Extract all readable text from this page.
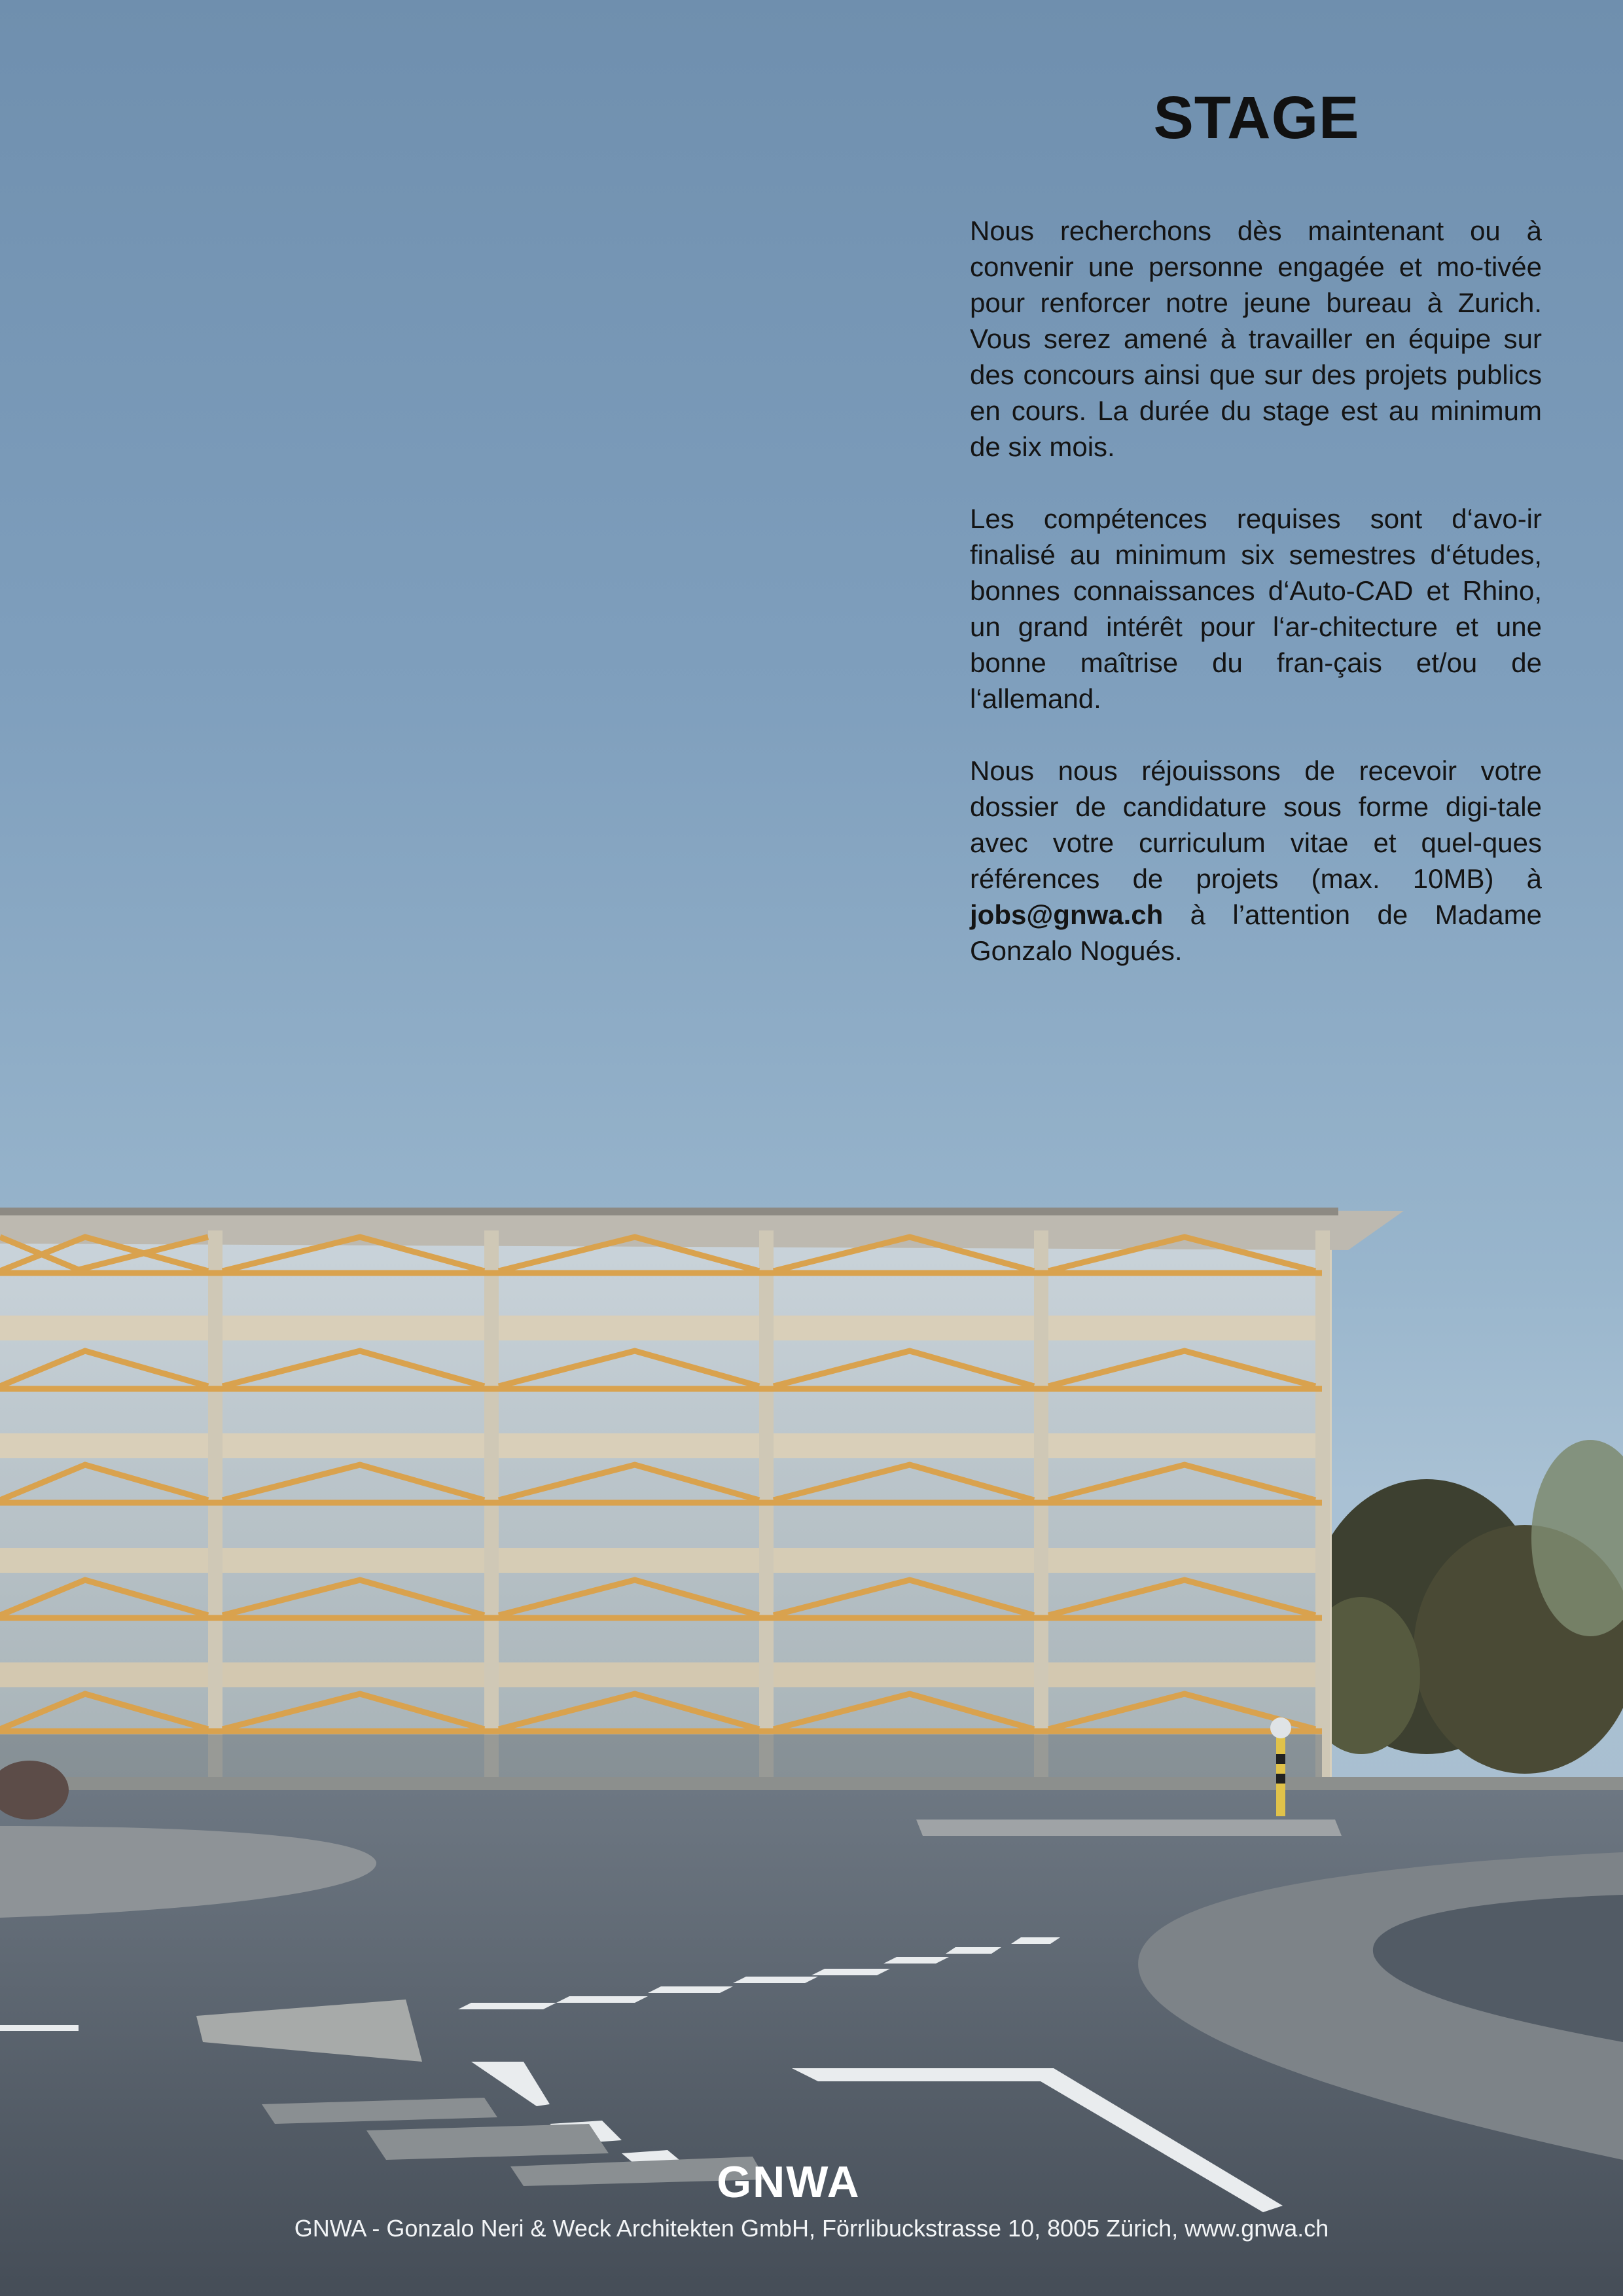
STAGE

Nous recherchons dès maintenant ou à convenir une personne engagée et mo-tivée pour renforcer notre jeune bureau à Zurich. Vous serez amené à travailler en équipe sur des concours ainsi que sur des projets publics en cours. La durée du stage est au minimum de six mois.

Les compétences requises sont d‘avo-ir finalisé au minimum six semestres d‘études, bonnes connaissances d‘Auto-CAD et Rhino, un grand intérêt pour l‘ar-chitecture et une bonne maîtrise du fran-çais et/ou de l‘allemand.

Nous nous réjouissons de recevoir votre dossier de candidature sous forme digi-tale avec votre curriculum vitae et quel-ques références de projets (max. 10MB) à jobs@gnwa.ch à l’attention de Madame Gonzalo Nogués.

GNWA
GNWA - Gonzalo Neri & Weck Architekten GmbH, Förrlibuckstrasse 10, 8005 Zürich, www.gnwa.ch
